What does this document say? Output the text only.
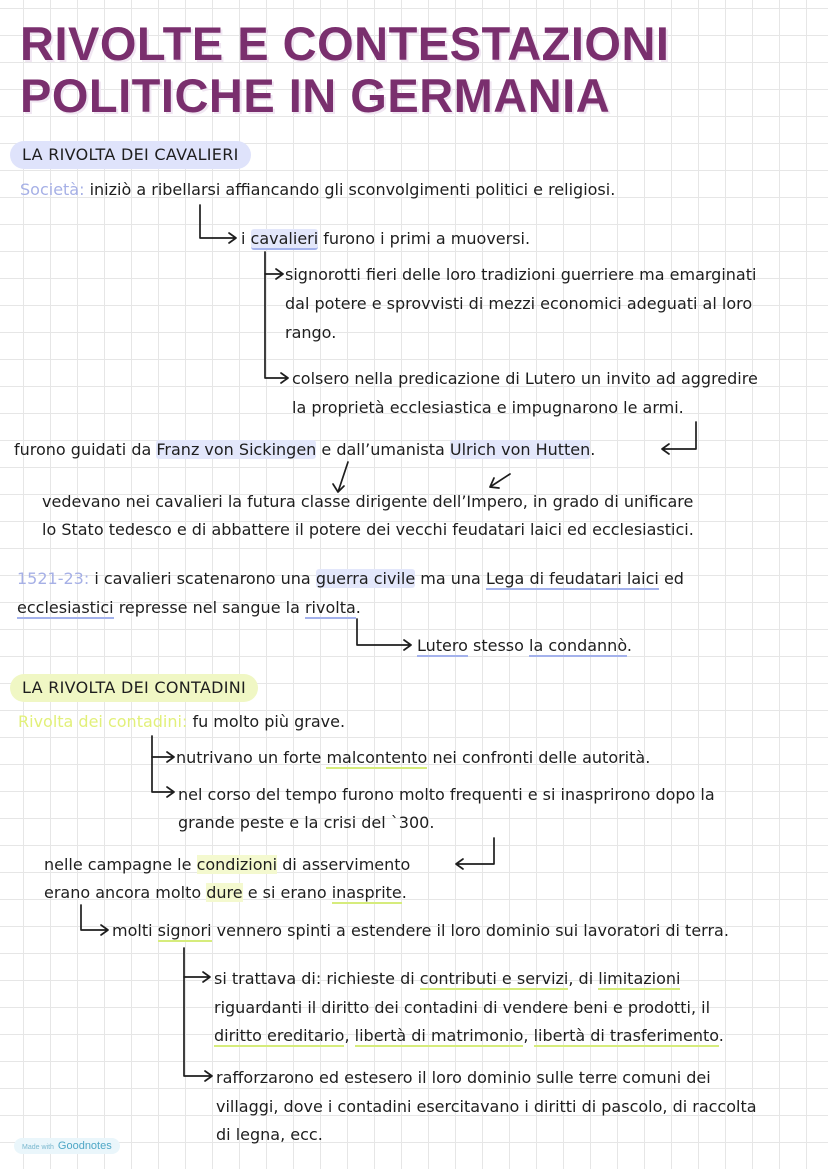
RIVOLTE E CONTESTAZIONI
POLITICHE IN GERMANIA
LA RIVOLTA DEI CAVALIERI
Società: iniziò a ribellarsi affiancando gli sconvolgimenti politici e religiosi.
i cavalieri furono i primi a muoversi.
signorotti fieri delle loro tradizioni guerriere ma emarginati
dal potere e sprovvisti di mezzi economici adeguati al loro
rango.
colsero nella predicazione di Lutero un invito ad aggredire
la proprietà ecclesiastica e impugnarono le armi.
furono guidati da Franz von Sickingen e dall’umanista Ulrich von Hutten.
vedevano nei cavalieri la futura classe dirigente dell’Impero, in grado di unificare
lo Stato tedesco e di abbattere il potere dei vecchi feudatari laici ed ecclesiastici.
1521-23: i cavalieri scatenarono una guerra civile ma una Lega di feudatari laici ed
ecclesiastici represse nel sangue la rivolta.
Lutero stesso la condannò.
LA RIVOLTA DEI CONTADINI
Rivolta dei contadini: fu molto più grave.
nutrivano un forte malcontento nei confronti delle autorità.
nel corso del tempo furono molto frequenti e si inasprirono dopo la
grande peste e la crisi del `300.
nelle campagne le condizioni di asservimento
erano ancora molto dure e si erano inasprite.
molti signori vennero spinti a estendere il loro dominio sui lavoratori di terra.
si trattava di: richieste di contributi e servizi, di limitazioni
riguardanti il diritto dei contadini di vendere beni e prodotti, il
diritto ereditario, libertà di matrimonio, libertà di trasferimento.
rafforzarono ed estesero il loro dominio sulle terre comuni dei
villaggi, dove i contadini esercitavano i diritti di pascolo, di raccolta
di legna, ecc.
Made with Goodnotes
